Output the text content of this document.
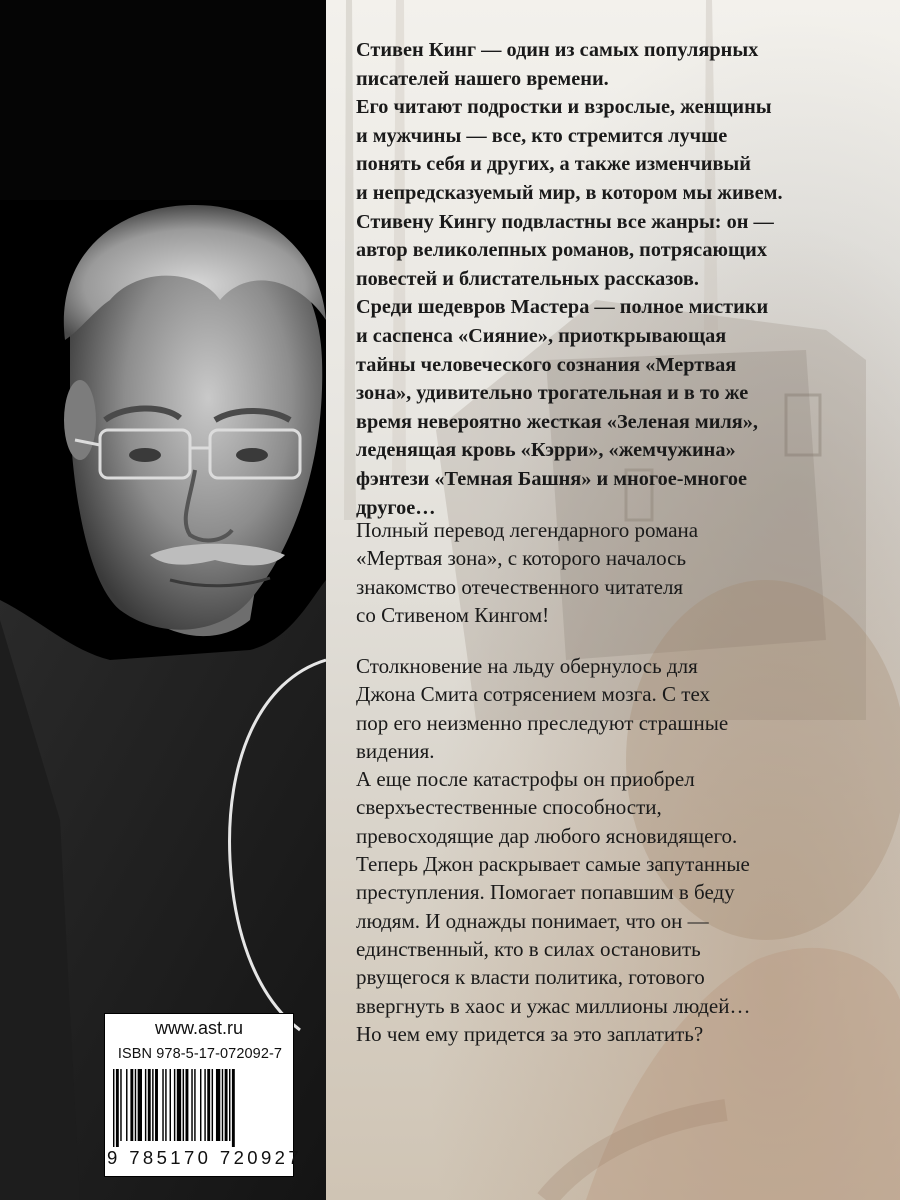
Стивен Кинг — один из самых популярных
писателей нашего времени.
Его читают подростки и взрослые, женщины
и мужчины — все, кто стремится лучше
понять себя и других, а также изменчивый
и непредсказуемый мир, в котором мы живем.
Стивену Кингу подвластны все жанры: он —
автор великолепных романов, потрясающих
повестей и блистательных рассказов.
Среди шедевров Мастера — полное мистики
и саспенса «Сияние», приоткрывающая
тайны человеческого сознания «Мертвая
зона», удивительно трогательная и в то же
время невероятно жесткая «Зеленая миля»,
леденящая кровь «Кэрри», «жемчужина»
фэнтези «Темная Башня» и многое-многое
другое…
Полный перевод легендарного романа
«Мертвая зона», с которого началось
знакомство отечественного читателя
со Стивеном Кингом!
Столкновение на льду обернулось для
Джона Смита сотрясением мозга. С тех
пор его неизменно преследуют страшные
видения.
А еще после катастрофы он приобрел
сверхъестественные способности,
превосходящие дар любого ясновидящего.
Теперь Джон раскрывает самые запутанные
преступления. Помогает попавшим в беду
людям. И однажды понимает, что он —
единственный, кто в силах остановить
рвущегося к власти политика, готового
ввергнуть в хаос и ужас миллионы людей…
Но чем ему придется за это заплатить?
www.ast.ru
ISBN 978-5-17-072092-7
9 785170 720927
